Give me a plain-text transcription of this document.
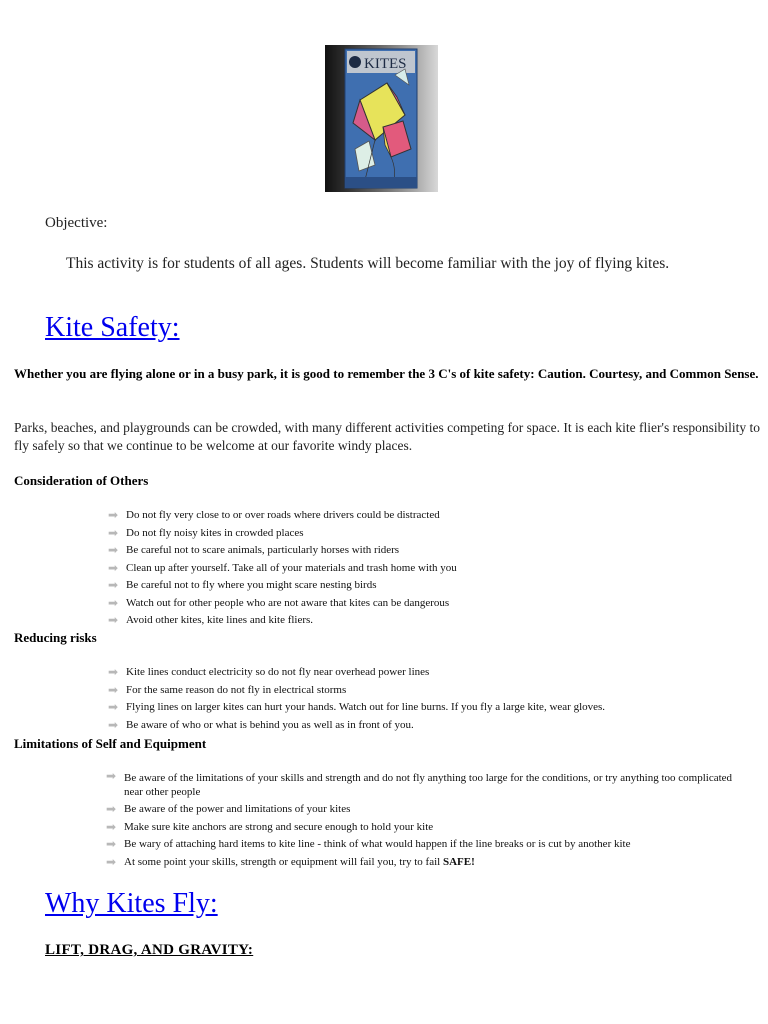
KITES
Objective:
This activity is for students of all ages. Students will become familiar with the joy of flying kites.
Kite Safety:
Whether you are flying alone or in a busy park, it is good to remember the 3 C's of kite safety: Caution. Courtesy, and Common Sense.
Parks, beaches, and playgrounds can be crowded, with many different activities competing for space. It is each kite flier's responsibility to fly safely so that we continue to be welcome at our favorite windy places.
Consideration of Others
➡ Do not fly very close to or over roads where drivers could be distracted
➡ Do not fly noisy kites in crowded places
➡ Be careful not to scare animals, particularly horses with riders
➡ Clean up after yourself. Take all of your materials and trash home with you
➡ Be careful not to fly where you might scare nesting birds
➡ Watch out for other people who are not aware that kites can be dangerous
➡ Avoid other kites, kite lines and kite fliers.
Reducing risks
➡ Kite lines conduct electricity so do not fly near overhead power lines
➡ For the same reason do not fly in electrical storms
➡ Flying lines on larger kites can hurt your hands. Watch out for line burns. If you fly a large kite, wear gloves.
➡ Be aware of who or what is behind you as well as in front of you.
Limitations of Self and Equipment
➡ Be aware of the limitations of your skills and strength and do not fly anything too large for the conditions, or try anything too complicated near other people
➡ Be aware of the power and limitations of your kites
➡ Make sure kite anchors are strong and secure enough to hold your kite
➡ Be wary of attaching hard items to kite line - think of what would happen if the line breaks or is cut by another kite
➡ At some point your skills, strength or equipment will fail you, try to fail SAFE!
Why Kites Fly:
LIFT, DRAG, AND GRAVITY:
